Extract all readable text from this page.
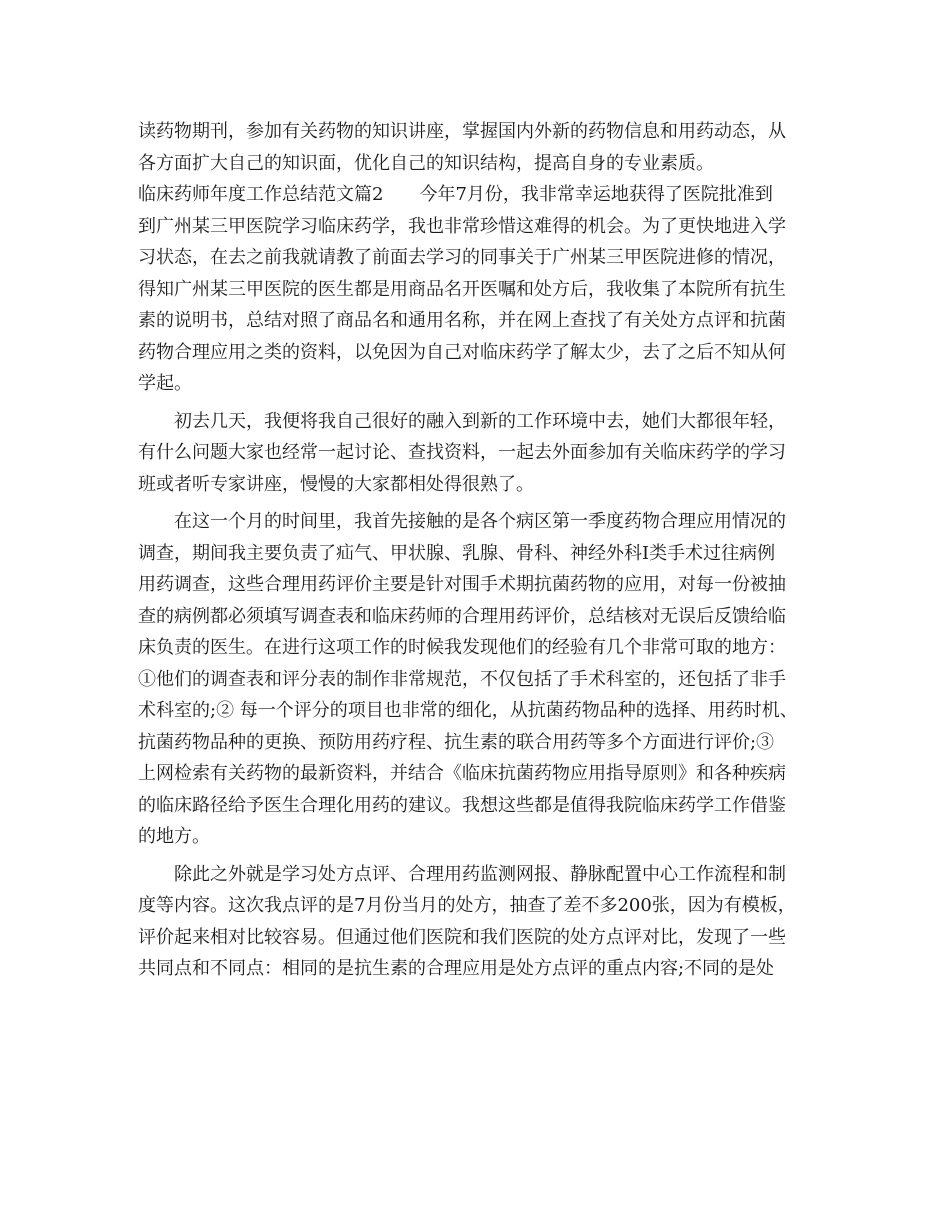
读药物期刊，参加有关药物的知识讲座，掌握国内外新的药物信息和用药动态，从
各方面扩大自己的知识面，优化自己的知识结构，提高自身的专业素质。
临床药师年度工作总结范文篇2　　今年7月份，我非常幸运地获得了医院批准到
到广州某三甲医院学习临床药学，我也非常珍惜这难得的机会。为了更快地进入学
习状态，在去之前我就请教了前面去学习的同事关于广州某三甲医院进修的情况，
得知广州某三甲医院的医生都是用商品名开医嘱和处方后，我收集了本院所有抗生
素的说明书，总结对照了商品名和通用名称，并在网上查找了有关处方点评和抗菌
药物合理应用之类的资料，以免因为自己对临床药学了解太少，去了之后不知从何
学起。
　　初去几天，我便将我自己很好的融入到新的工作环境中去，她们大都很年轻，
有什么问题大家也经常一起讨论、查找资料，一起去外面参加有关临床药学的学习
班或者听专家讲座，慢慢的大家都相处得很熟了。
　　在这一个月的时间里，我首先接触的是各个病区第一季度药物合理应用情况的
调查，期间我主要负责了疝气、甲状腺、乳腺、骨科、神经外科Ⅰ类手术过往病例
用药调查，这些合理用药评价主要是针对围手术期抗菌药物的应用，对每一份被抽
查的病例都必须填写调查表和临床药师的合理用药评价，总结核对无误后反馈给临
床负责的医生。在进行这项工作的时候我发现他们的经验有几个非常可取的地方：
①他们的调查表和评分表的制作非常规范，不仅包括了手术科室的，还包括了非手
术科室的;② 每一个评分的项目也非常的细化，从抗菌药物品种的选择、用药时机、
抗菌药物品种的更换、预防用药疗程、抗生素的联合用药等多个方面进行评价;③
上网检索有关药物的最新资料，并结合《临床抗菌药物应用指导原则》和各种疾病
的临床路径给予医生合理化用药的建议。我想这些都是值得我院临床药学工作借鉴
的地方。
　　除此之外就是学习处方点评、合理用药监测网报、静脉配置中心工作流程和制
度等内容。这次我点评的是7月份当月的处方，抽查了差不多200张，因为有模板，
评价起来相对比较容易。但通过他们医院和我们医院的处方点评对比，发现了一些
共同点和不同点：相同的是抗生素的合理应用是处方点评的重点内容;不同的是处
